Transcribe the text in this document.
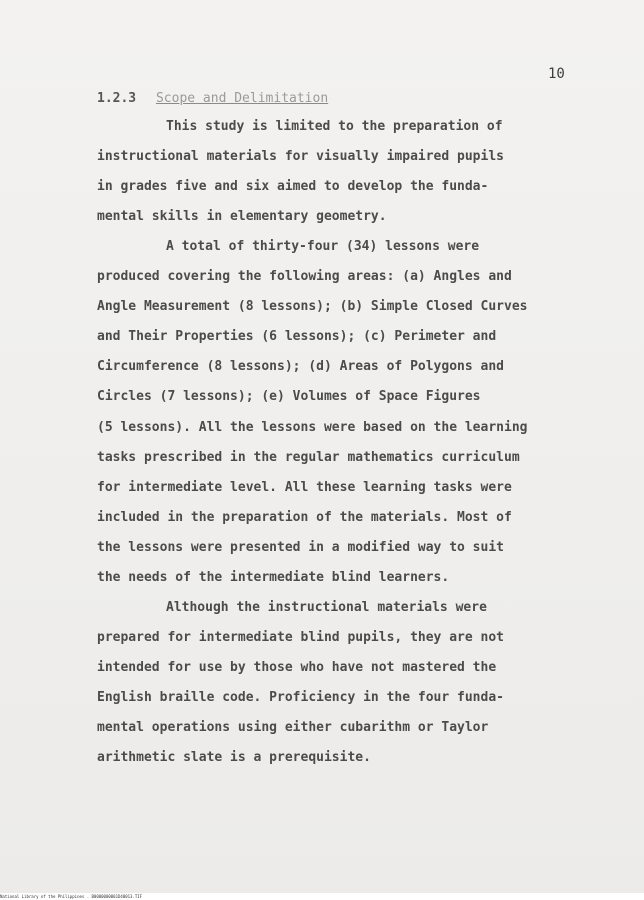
10
1.2.3 Scope and Delimitation
This study is limited to the preparation of
instructional materials for visually impaired pupils
in grades five and six aimed to develop the funda-
mental skills in elementary geometry.
A total of thirty-four (34) lessons were
produced covering the following areas: (a) Angles and
Angle Measurement (8 lessons); (b) Simple Closed Curves
and Their Properties (6 lessons); (c) Perimeter and
Circumference (8 lessons); (d) Areas of Polygons and
Circles (7 lessons); (e) Volumes of Space Figures
(5 lessons). All the lessons were based on the learning
tasks prescribed in the regular mathematics curriculum
for intermediate level. All these learning tasks were
included in the preparation of the materials. Most of
the lessons were presented in a modified way to suit
the needs of the intermediate blind learners.
Although the instructional materials were
prepared for intermediate blind pupils, they are not
intended for use by those who have not mastered the
English braille code. Proficiency in the four funda-
mental operations using either cubarithm or Taylor
arithmetic slate is a prerequisite.
National Library of the Philippines . B0000000001D40013.TIF
